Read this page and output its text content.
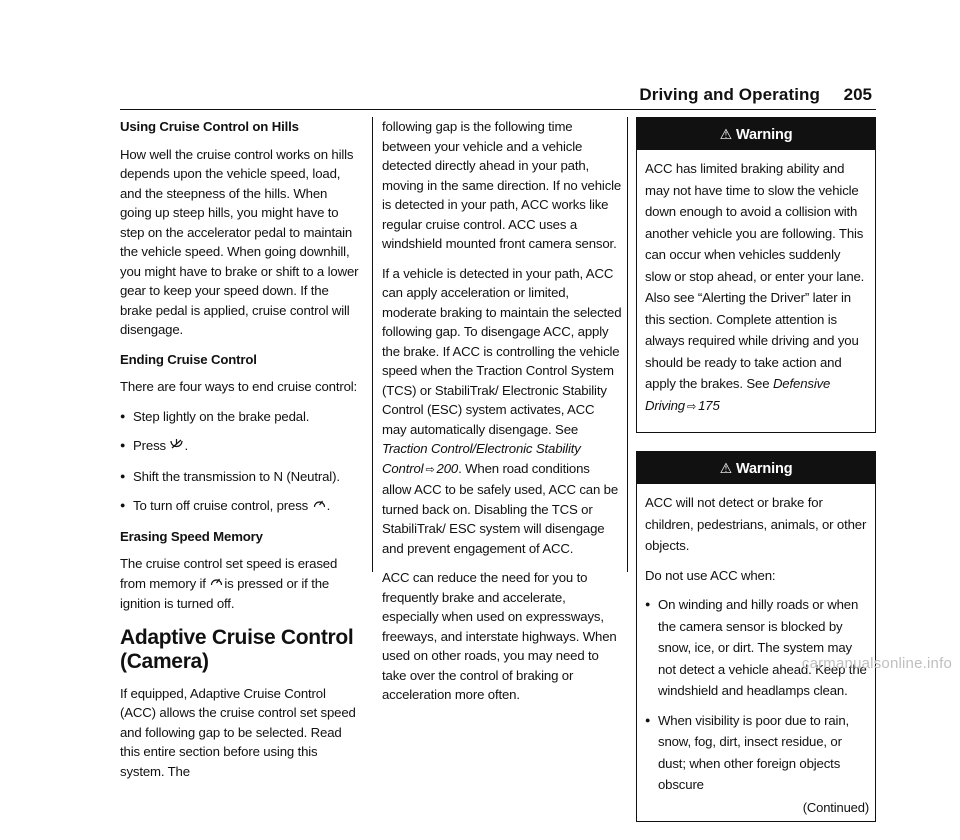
Driving and Operating 205

Using Cruise Control on Hills

How well the cruise control works on hills depends upon the vehicle speed, load, and the steepness of the hills. When going up steep hills, you might have to step on the accelerator pedal to maintain the vehicle speed. When going downhill, you might have to brake or shift to a lower gear to keep your speed down. If the brake pedal is applied, cruise control will disengage.

Ending Cruise Control

There are four ways to end cruise control:

● Step lightly on the brake pedal.
● Press .
● Shift the transmission to N (Neutral).
● To turn off cruise control, press .

Erasing Speed Memory

The cruise control set speed is erased from memory if is pressed or if the ignition is turned off.

Adaptive Cruise Control (Camera)

If equipped, Adaptive Cruise Control (ACC) allows the cruise control set speed and following gap to be selected. Read this entire section before using this system. The

following gap is the following time between your vehicle and a vehicle detected directly ahead in your path, moving in the same direction. If no vehicle is detected in your path, ACC works like regular cruise control. ACC uses a windshield mounted front camera sensor.

If a vehicle is detected in your path, ACC can apply acceleration or limited, moderate braking to maintain the selected following gap. To disengage ACC, apply the brake. If ACC is controlling the vehicle speed when the Traction Control System (TCS) or StabiliTrak/ Electronic Stability Control (ESC) system activates, ACC may automatically disengage. See Traction Control/Electronic Stability Control ⇨ 200. When road conditions allow ACC to be safely used, ACC can be turned back on. Disabling the TCS or StabiliTrak/ ESC system will disengage and prevent engagement of ACC.

ACC can reduce the need for you to frequently brake and accelerate, especially when used on expressways, freeways, and interstate highways. When used on other roads, you may need to take over the control of braking or acceleration more often.

⚠ Warning

ACC has limited braking ability and may not have time to slow the vehicle down enough to avoid a collision with another vehicle you are following. This can occur when vehicles suddenly slow or stop ahead, or enter your lane. Also see “Alerting the Driver” later in this section. Complete attention is always required while driving and you should be ready to take action and apply the brakes. See Defensive Driving ⇨ 175

⚠ Warning

ACC will not detect or brake for children, pedestrians, animals, or other objects.

Do not use ACC when:

● On winding and hilly roads or when the camera sensor is blocked by snow, ice, or dirt. The system may not detect a vehicle ahead. Keep the windshield and headlamps clean.
● When visibility is poor due to rain, snow, fog, dirt, insect residue, or dust; when other foreign objects obscure
(Continued)
carmanualsonline.info
